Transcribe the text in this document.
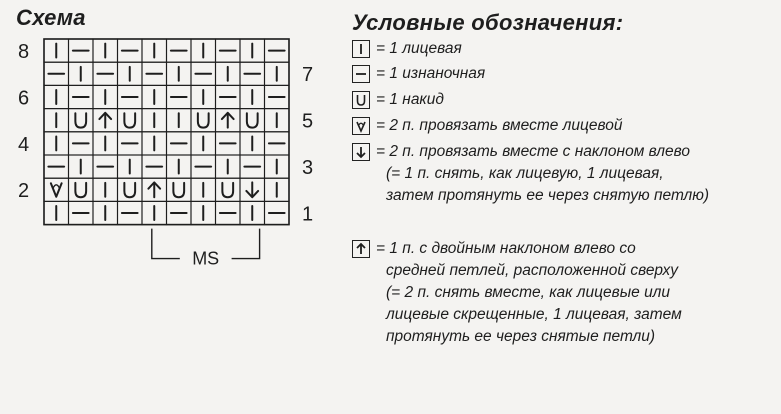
Схема	Условные обозначения:
8
6
4
2
7
5
3
1
MS
= 1 лицевая
= 1 изнаночная
= 1 накид
= 2 п. провязать вместе лицевой
= 2 п. провязать вместе с наклоном влево
(= 1 п. снять, как лицевую, 1 лицевая,
затем протянуть ее через снятую петлю)
= 1 п. с двойным наклоном влево со
средней петлей, расположенной сверху
(= 2 п. снять вместе, как лицевые или
лицевые скрещенные, 1 лицевая, затем
протянуть ее через снятые петли)
